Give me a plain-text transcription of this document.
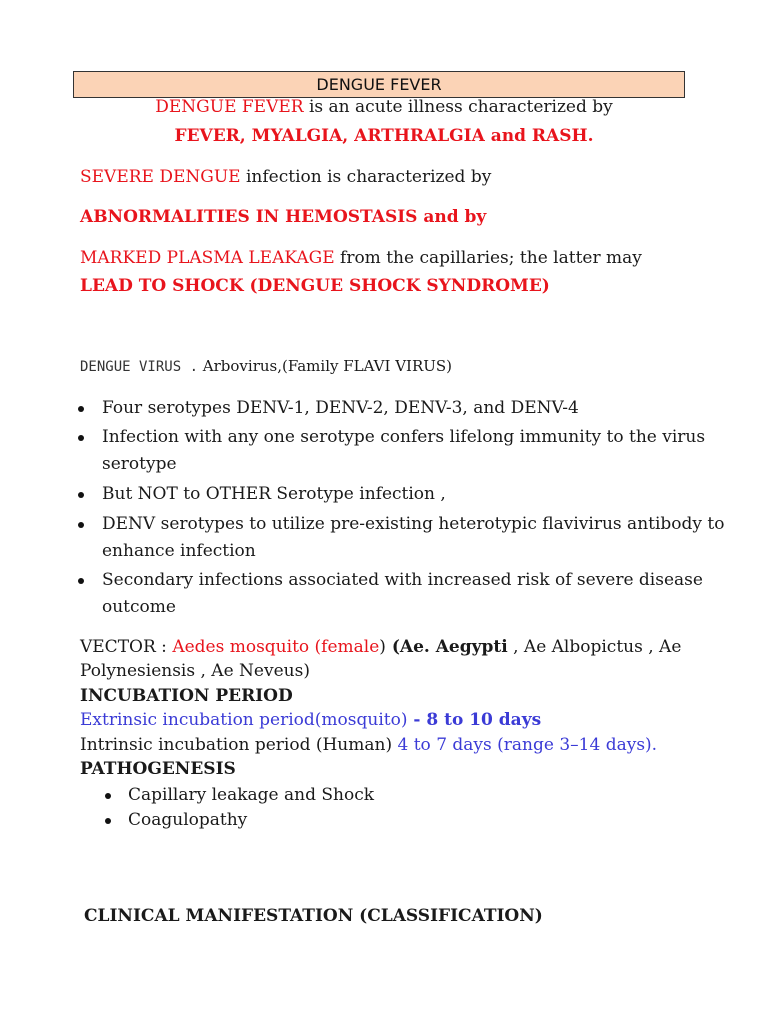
DENGUE FEVER
DENGUE FEVER is an acute illness characterized by
FEVER, MYALGIA, ARTHRALGIA and RASH.
SEVERE DENGUE infection is characterized by
ABNORMALITIES IN HEMOSTASIS and by
MARKED PLASMA LEAKAGE from the capillaries; the latter may
LEAD TO SHOCK (DENGUE SHOCK SYNDROME)
DENGUE VIRUS . Arbovirus,(Family FLAVI VIRUS)
Four serotypes DENV-1, DENV-2, DENV-3, and DENV-4
Infection with any one serotype confers lifelong immunity to the virus serotype
But NOT to OTHER Serotype infection ,
DENV serotypes to utilize pre-existing heterotypic flavivirus antibody to enhance infection
Secondary infections associated with increased risk of severe disease outcome
VECTOR : Aedes mosquito (female) (Ae. Aegypti , Ae Albopictus , Ae
Polynesiensis , Ae Neveus)
INCUBATION PERIOD
Extrinsic incubation period(mosquito) - 8 to 10 days
Intrinsic incubation period (Human) 4 to 7 days (range 3–14 days).
PATHOGENESIS
Capillary leakage and Shock
Coagulopathy
CLINICAL MANIFESTATION (CLASSIFICATION)
